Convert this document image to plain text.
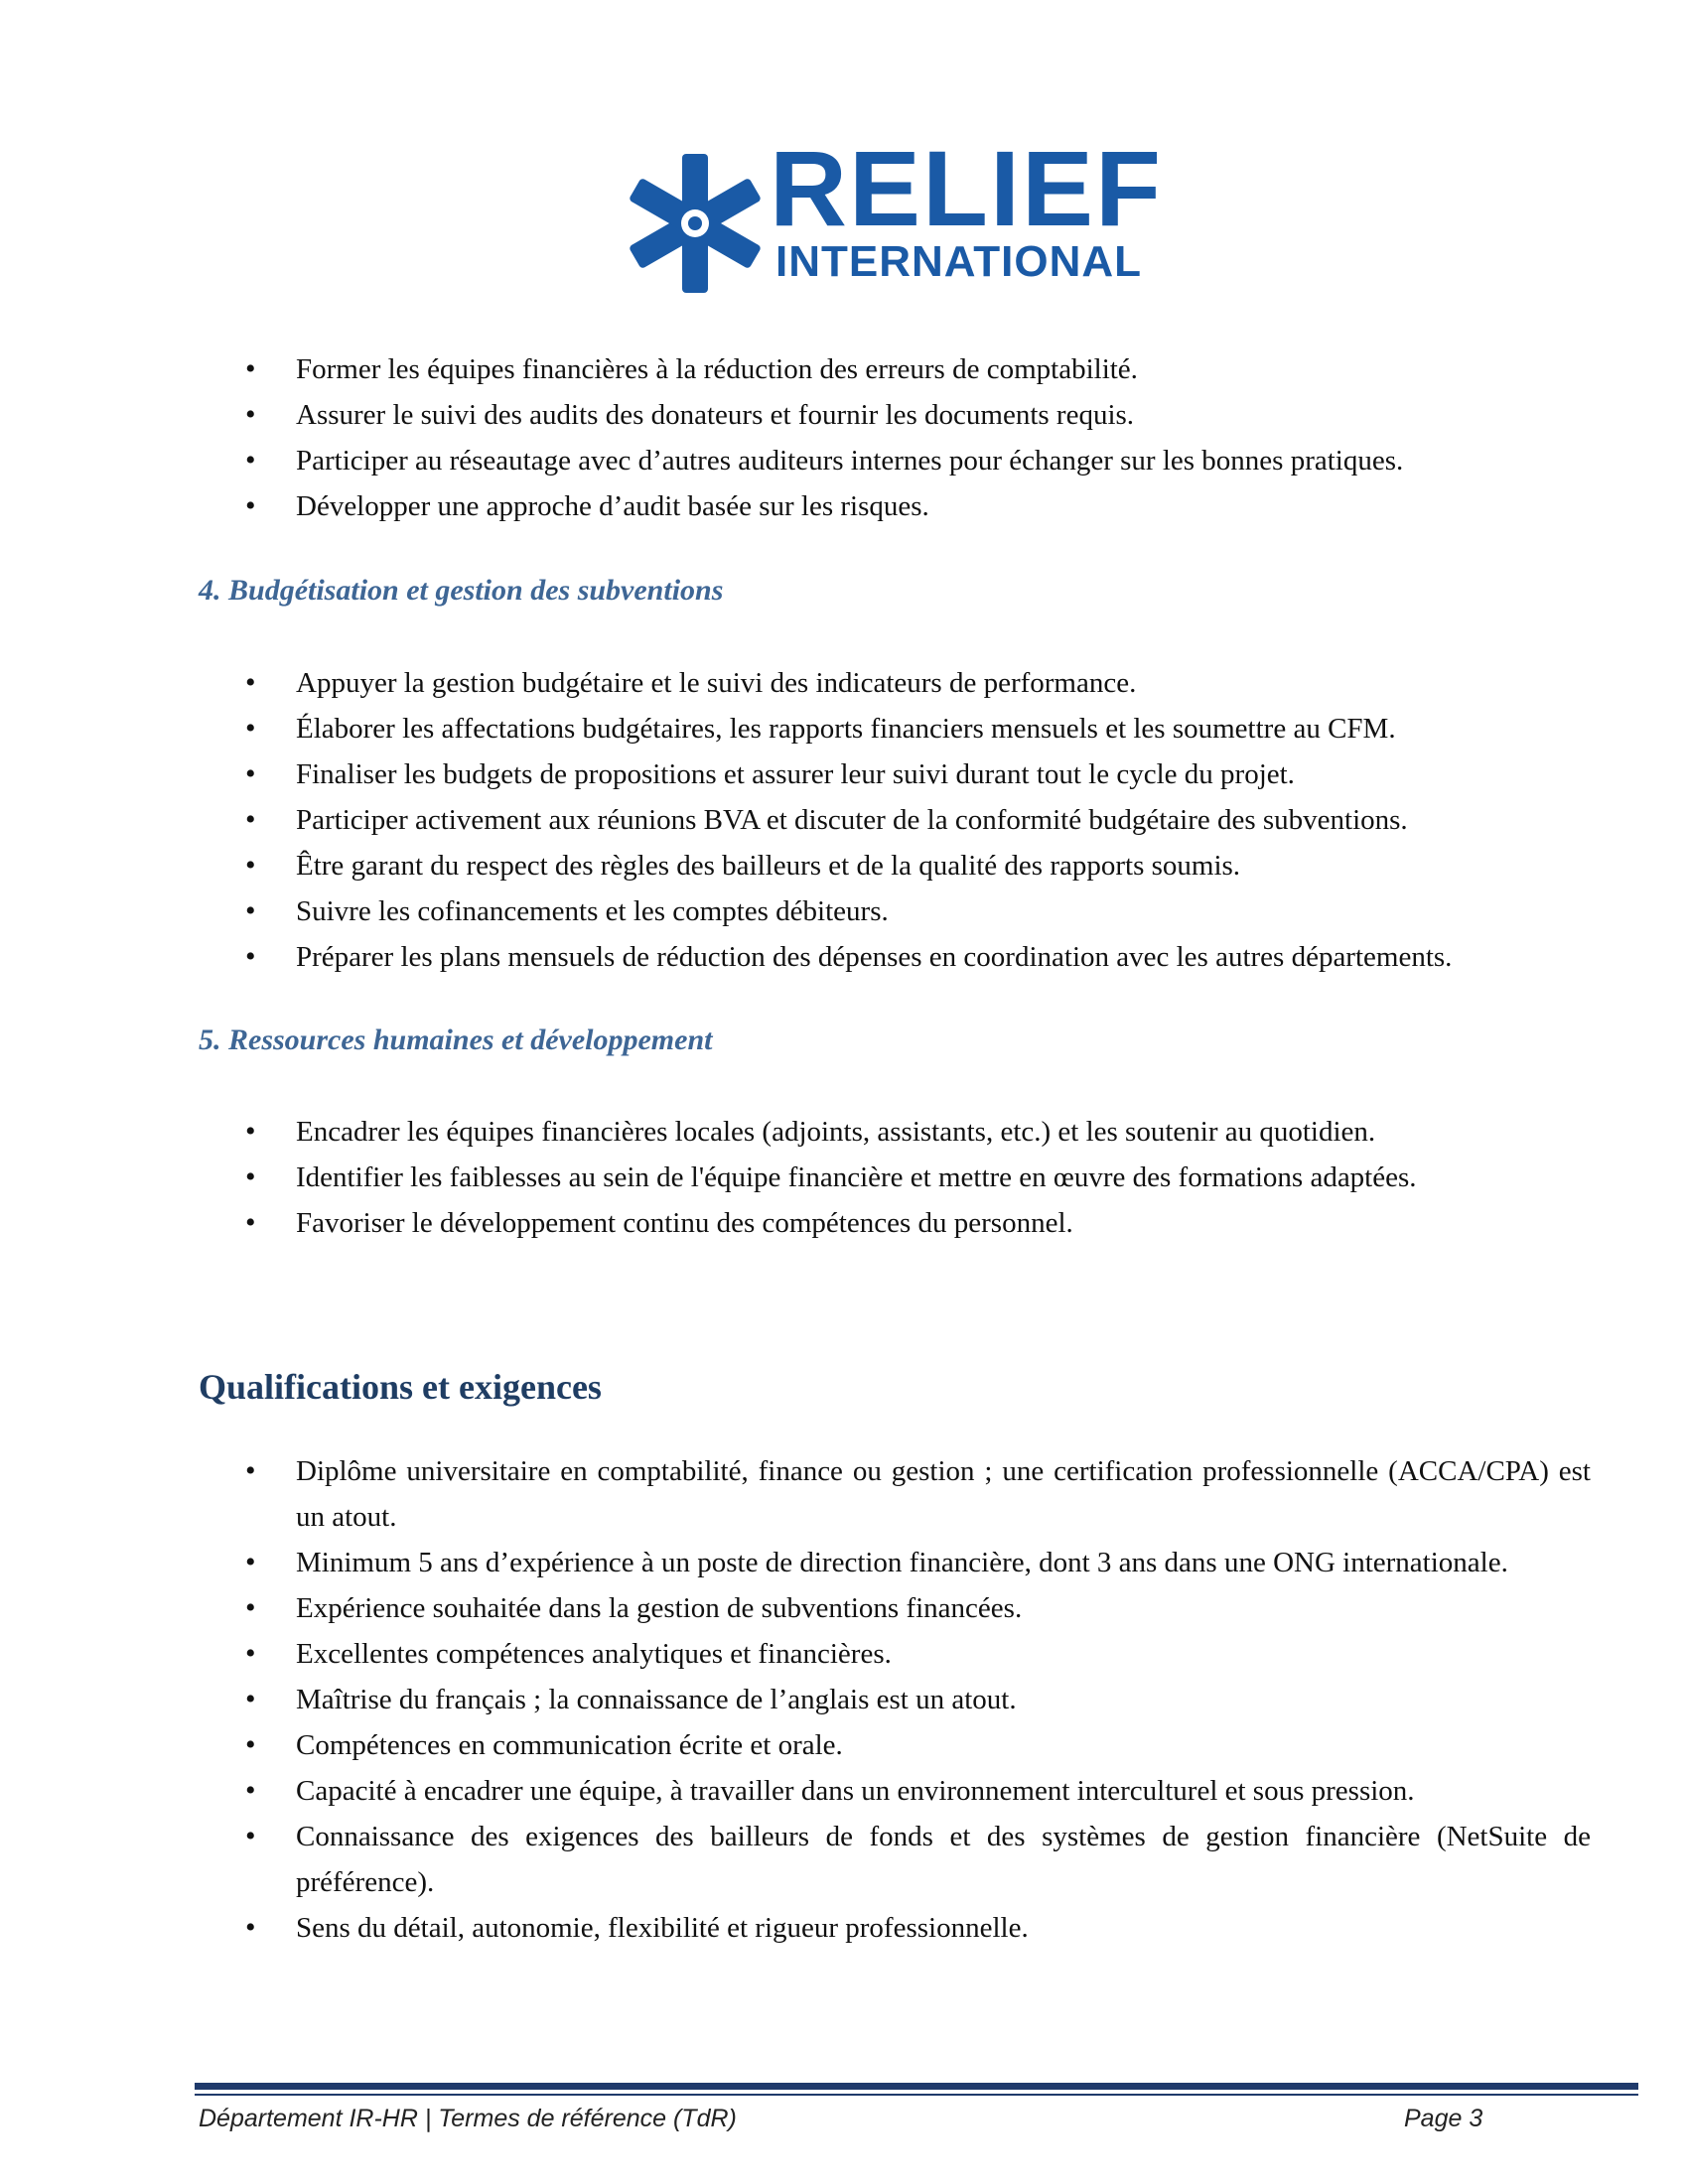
RELIEF
INTERNATIONAL
• Former les équipes financières à la réduction des erreurs de comptabilité.
• Assurer le suivi des audits des donateurs et fournir les documents requis.
• Participer au réseautage avec d’autres auditeurs internes pour échanger sur les bonnes pratiques.
• Développer une approche d’audit basée sur les risques.
4. Budgétisation et gestion des subventions
• Appuyer la gestion budgétaire et le suivi des indicateurs de performance.
• Élaborer les affectations budgétaires, les rapports financiers mensuels et les soumettre au CFM.
• Finaliser les budgets de propositions et assurer leur suivi durant tout le cycle du projet.
• Participer activement aux réunions BVA et discuter de la conformité budgétaire des subventions.
• Être garant du respect des règles des bailleurs et de la qualité des rapports soumis.
• Suivre les cofinancements et les comptes débiteurs.
• Préparer les plans mensuels de réduction des dépenses en coordination avec les autres départements.
5. Ressources humaines et développement
• Encadrer les équipes financières locales (adjoints, assistants, etc.) et les soutenir au quotidien.
• Identifier les faiblesses au sein de l'équipe financière et mettre en œuvre des formations adaptées.
• Favoriser le développement continu des compétences du personnel.
Qualifications et exigences
• Diplôme universitaire en comptabilité, finance ou gestion ; une certification professionnelle (ACCA/CPA) est un atout.
• Minimum 5 ans d’expérience à un poste de direction financière, dont 3 ans dans une ONG internationale.
• Expérience souhaitée dans la gestion de subventions financées.
• Excellentes compétences analytiques et financières.
• Maîtrise du français ; la connaissance de l’anglais est un atout.
• Compétences en communication écrite et orale.
• Capacité à encadrer une équipe, à travailler dans un environnement interculturel et sous pression.
• Connaissance des exigences des bailleurs de fonds et des systèmes de gestion financière (NetSuite de préférence).
• Sens du détail, autonomie, flexibilité et rigueur professionnelle.
Département IR-HR | Termes de référence (TdR)	Page 3
